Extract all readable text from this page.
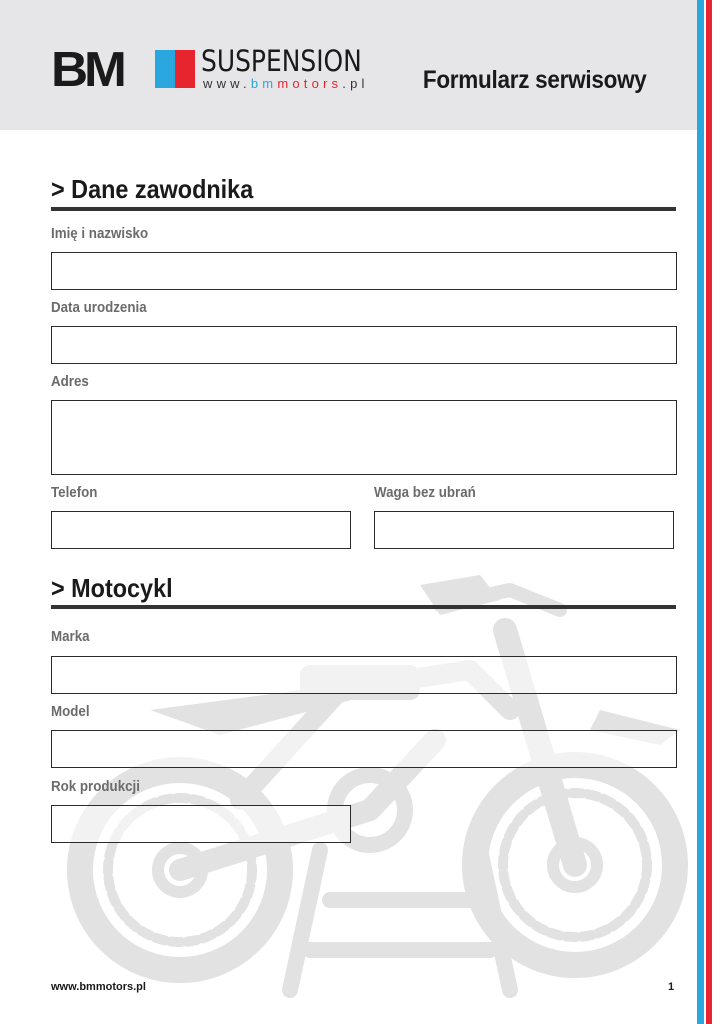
BM	SUSPENSION
www.bmmotors.pl Formularz serwisowy
> Dane zawodnika
Imię i nazwisko
Data urodzenia
Adres
Telefon	Waga bez ubrań
> Motocykl
Marka
Model
Rok produkcji
www.bmmotors.pl	1
